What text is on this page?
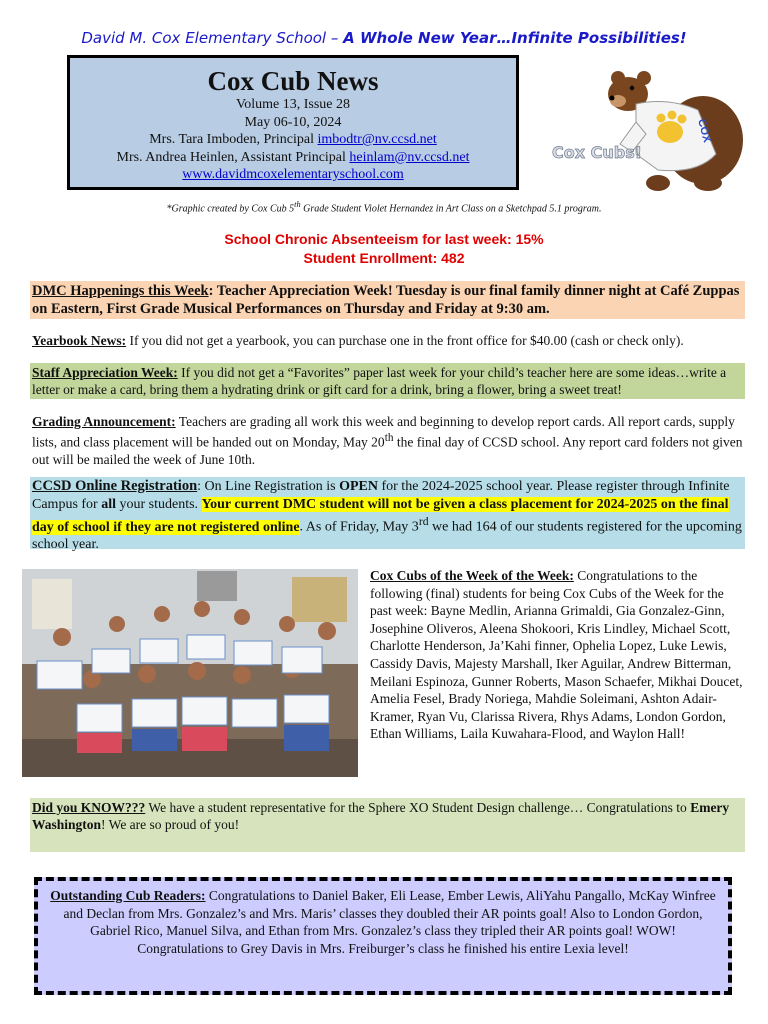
David M. Cox Elementary School – A Whole New Year…Infinite Possibilities!
Cox Cub News
Volume 13, Issue 28
May 06-10, 2024
Mrs. Tara Imboden, Principal imbodtr@nv.ccsd.net
Mrs. Andrea Heinlen, Assistant Principal heinlam@nv.ccsd.net
www.davidmcoxelementaryschool.com
COX
Cox Cubs!
*Graphic created by Cox Cub 5th Grade Student Violet Hernandez in Art Class on a Sketchpad 5.1 program.
School Chronic Absenteeism for last week: 15%
Student Enrollment: 482
DMC Happenings this Week: Teacher Appreciation Week! Tuesday is our final family dinner night at Café Zuppas on Eastern, First Grade Musical Performances on Thursday and Friday at 9:30 am.
Yearbook News: If you did not get a yearbook, you can purchase one in the front office for $40.00 (cash or check only).
Staff Appreciation Week: If you did not get a “Favorites” paper last week for your child’s teacher here are some ideas…write a letter or make a card, bring them a hydrating drink or gift card for a drink, bring a flower, bring a sweet treat!
Grading Announcement: Teachers are grading all work this week and beginning to develop report cards. All report cards, supply lists, and class placement will be handed out on Monday, May 20th the final day of CCSD school. Any report card folders not given out will be mailed the week of June 10th.
CCSD Online Registration: On Line Registration is OPEN for the 2024-2025 school year. Please register through Infinite Campus for all your students. Your current DMC student will not be given a class placement for 2024-2025 on the final day of school if they are not registered online. As of Friday, May 3rd we had 164 of our students registered for the upcoming school year.
Cox Cubs of the Week of the Week: Congratulations to the following (final) students for being Cox Cubs of the Week for the past week: Bayne Medlin, Arianna Grimaldi, Gia Gonzalez-Ginn, Josephine Oliveros, Aleena Shokoori, Kris Lindley, Michael Scott, Charlotte Henderson, Ja’Kahi finner, Ophelia Lopez, Luke Lewis, Cassidy Davis, Majesty Marshall, Iker Aguilar, Andrew Bitterman, Meilani Espinoza, Gunner Roberts, Mason Schaefer, Mikhai Doucet, Amelia Fesel, Brady Noriega, Mahdie Soleimani, Ashton Adair-Kramer, Ryan Vu, Clarissa Rivera, Rhys Adams, London Gordon, Ethan Williams, Laila Kuwahara-Flood, and Waylon Hall!
Did you KNOW??? We have a student representative for the Sphere XO Student Design challenge… Congratulations to Emery Washington! We are so proud of you!
Outstanding Cub Readers: Congratulations to Daniel Baker, Eli Lease, Ember Lewis, AliYahu Pangallo, McKay Winfree and Declan from Mrs. Gonzalez’s and Mrs. Maris’ classes they doubled their AR points goal! Also to London Gordon, Gabriel Rico, Manuel Silva, and Ethan from Mrs. Gonzalez’s class they tripled their AR points goal! WOW! Congratulations to Grey Davis in Mrs. Freiburger’s class he finished his entire Lexia level!
